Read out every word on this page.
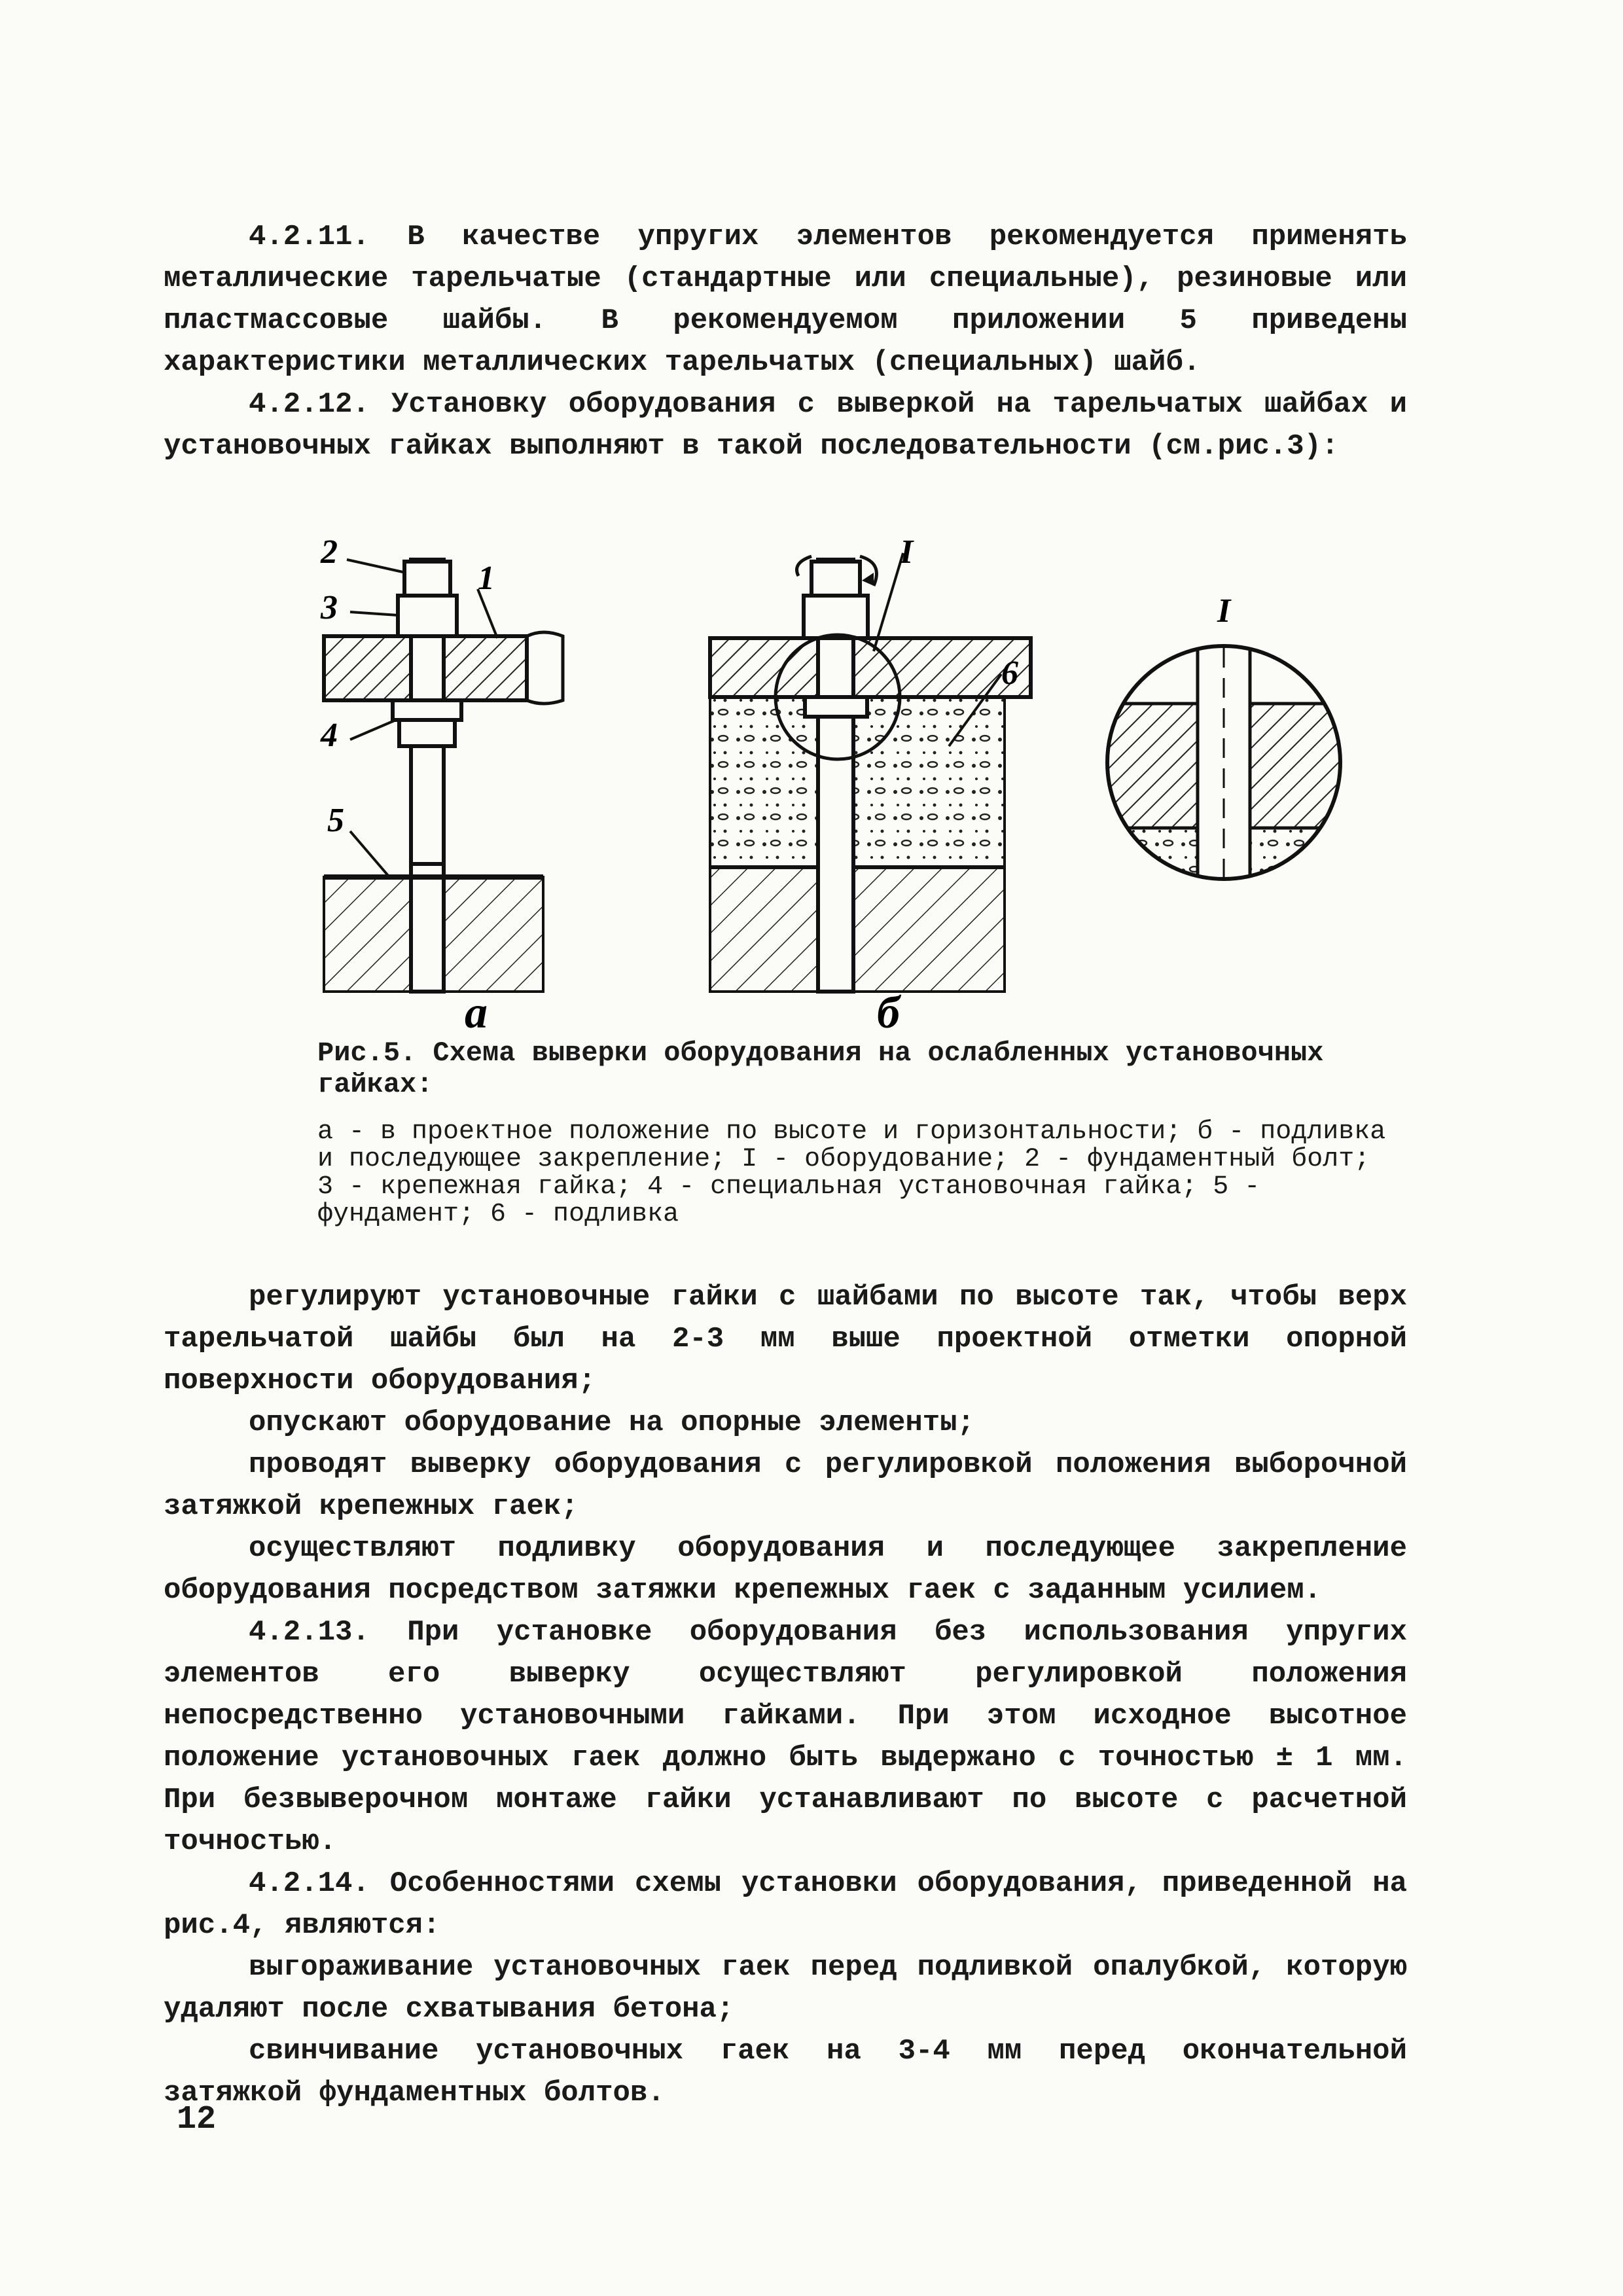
4.2.11. В качестве упругих элементов рекомендуется применять металлические тарельчатые (стандартные или специальные), резиновые или пластмассовые шайбы. В рекомендуемом приложении 5 приведены характеристики металлических тарельчатых (специальных) шайб.

4.2.12. Установку оборудования с выверкой на тарельчатых шайбах и установочных гайках выполняют в такой последовательности (см.рис.3):

2
3
1
4
5
а
I
6
б
I
Рис.5. Схема выверки оборудования на ослабленных установочных гайках:
а - в проектное положение по высоте и горизонтальности; б - подливка и последующее закрепление; I - оборудование; 2 - фундаментный болт; 3 - крепежная гайка; 4 - специальная установочная гайка; 5 - фундамент; 6 - подливка

регулируют установочные гайки с шайбами по высоте так, чтобы верх тарельчатой шайбы был на 2-3 мм выше проектной отметки опорной поверхности оборудования;

опускают оборудование на опорные элементы;

проводят выверку оборудования с регулировкой положения выборочной затяжкой крепежных гаек;

осуществляют подливку оборудования и последующее закрепление оборудования посредством затяжки крепежных гаек с заданным усилием.

4.2.13. При установке оборудования без использования упругих элементов его выверку осуществляют регулировкой положения непосредственно установочными гайками. При этом исходное высотное положение установочных гаек должно быть выдержано с точностью ± 1 мм. При безвыверочном монтаже гайки устанавливают по высоте с расчетной точностью.

4.2.14. Особенностями схемы установки оборудования, приведенной на рис.4, являются:

выгораживание установочных гаек перед подливкой опалубкой, которую удаляют после схватывания бетона;

свинчивание установочных гаек на 3-4 мм перед окончательной затяжкой фундаментных болтов.

12
